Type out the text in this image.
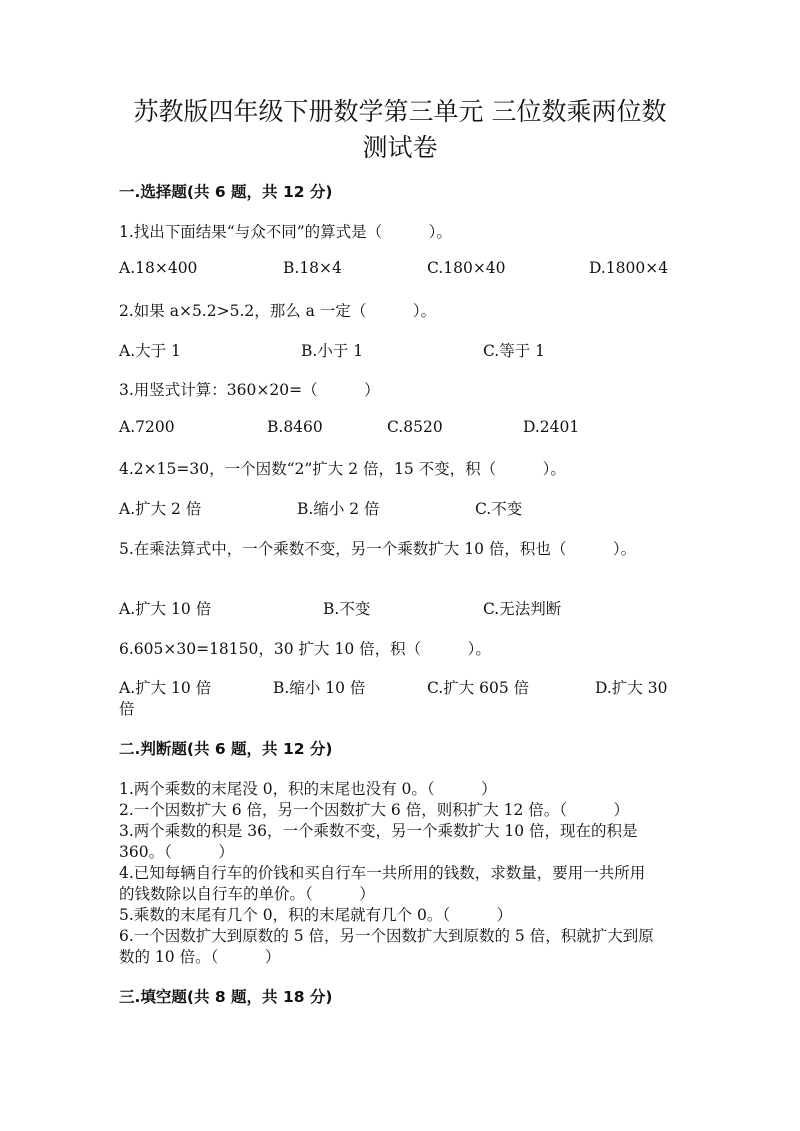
苏教版四年级下册数学第三单元 三位数乘两位数
测试卷
一.选择题(共 6 题，共 12 分)
1.找出下面结果“与众不同”的算式是（　　　）。
A.18×400	B.18×4	C.180×40	D.1800×4
2.如果 a×5.2>5.2，那么 a 一定（　　　）。
A.大于 1	B.小于 1	C.等于 1
3.用竖式计算：360×20=（　　　）
A.7200	B.8460	C.8520	D.2401
4.2×15=30，一个因数“2”扩大 2 倍，15 不变，积（　　　）。
A.扩大 2 倍	B.缩小 2 倍	C.不变
5.在乘法算式中，一个乘数不变，另一个乘数扩大 10 倍，积也（　　　）。
A.扩大 10 倍	B.不变	C.无法判断
6.605×30=18150，30 扩大 10 倍，积（　　　）。
A.扩大 10 倍	B.缩小 10 倍	C.扩大 605 倍	D.扩大 30
倍
二.判断题(共 6 题，共 12 分)
1.两个乘数的末尾没 0，积的末尾也没有 0。（　　　）
2.一个因数扩大 6 倍，另一个因数扩大 6 倍，则积扩大 12 倍。（　　　）
3.两个乘数的积是 36，一个乘数不变，另一个乘数扩大 10 倍，现在的积是
360。（　　　）
4.已知每辆自行车的价钱和买自行车一共所用的钱数，求数量，要用一共所用
的钱数除以自行车的单价。（　　　）
5.乘数的末尾有几个 0，积的末尾就有几个 0。（　　　）
6.一个因数扩大到原数的 5 倍，另一个因数扩大到原数的 5 倍，积就扩大到原
数的 10 倍。（　　　）
三.填空题(共 8 题，共 18 分)
